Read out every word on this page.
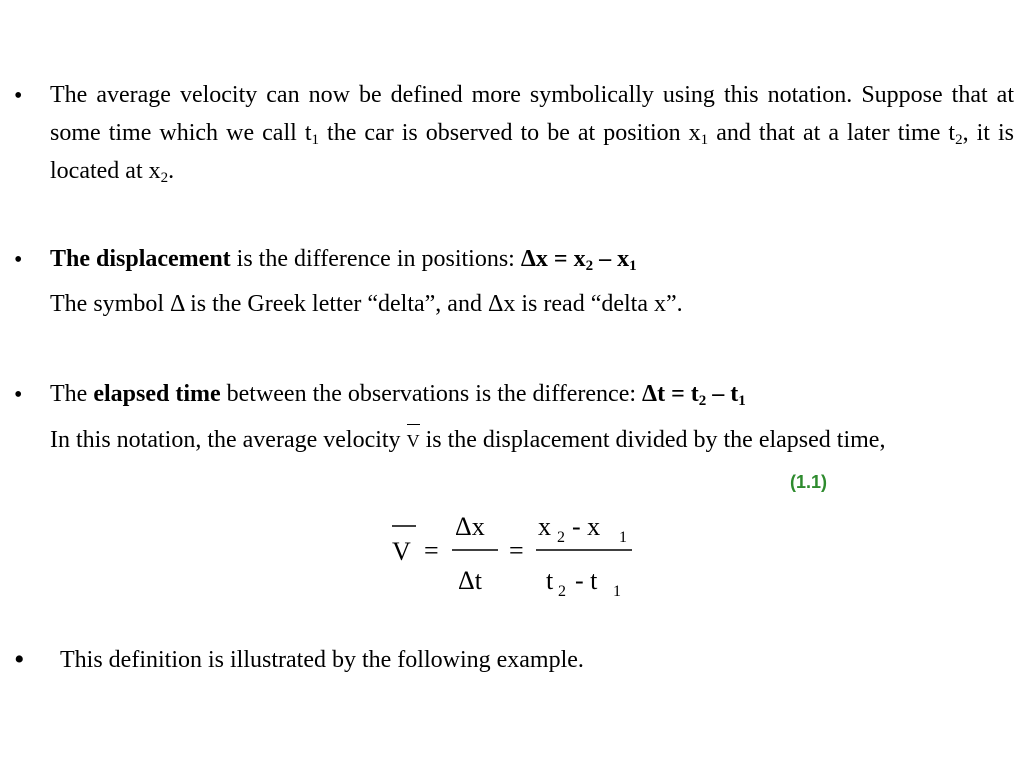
• The average velocity can now be defined more symbolically using this notation. Suppose that at some time which we call $t_1$ the car is observed to be at position $x_1$ and that at a later time $t_2$, it is located at $x_2$.
• The displacement is the difference in positions: $\Delta x = x_2 - x_1$
The symbol Δ is the Greek letter “delta”, and Δx is read “delta x”.
• The elapsed time between the observations is the difference: $\Delta t = t_2 - t_1$
In this notation, the average velocity V is the displacement divided by the elapsed time,
(1.1)
V =
Δx
Δt
=
x 2 - x 1
t 2 - t 1
• This definition is illustrated by the following example.
